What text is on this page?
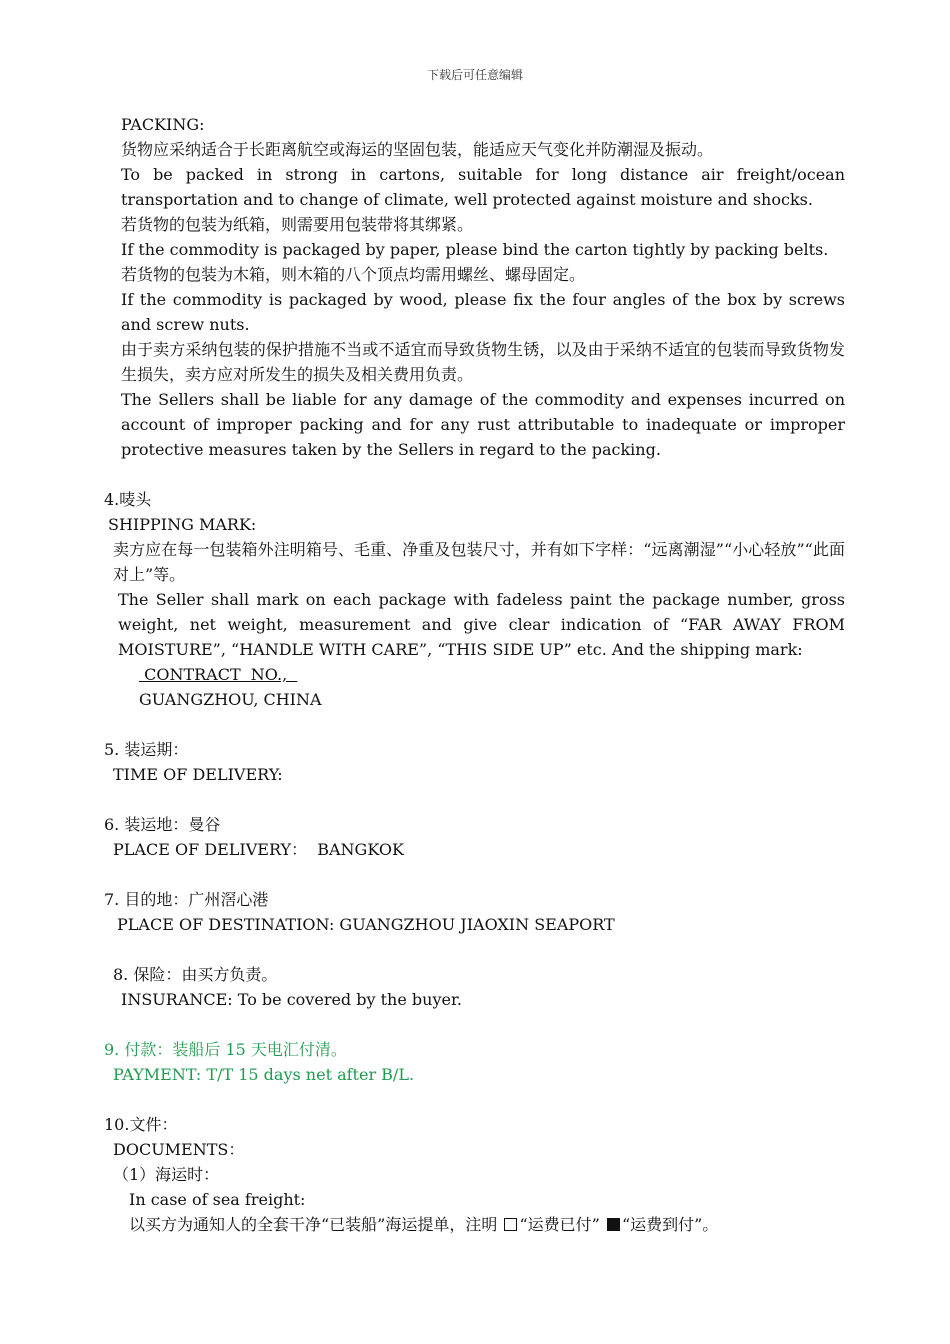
下载后可任意编辑

PACKING:

货物应采纳适合于长距离航空或海运的坚固包装，能适应天气变化并防潮湿及振动。

To be packed in strong in cartons, suitable for long distance air freight/ocean transportation and to change of climate, well protected against moisture and shocks.

若货物的包装为纸箱，则需要用包装带将其绑紧。

If the commodity is packaged by paper, please bind the carton tightly by packing belts.

若货物的包装为木箱，则木箱的八个顶点均需用螺丝、螺母固定。

If the commodity is packaged by wood, please fix the four angles of the box by screws and screw nuts.

由于卖方采纳包装的保护措施不当或不适宜而导致货物生锈，以及由于采纳不适宜的包装而导致货物发生损失，卖方应对所发生的损失及相关费用负责。

The Sellers shall be liable for any damage of the commodity and expenses incurred on account of improper packing and for any rust attributable to inadequate or improper protective measures taken by the Sellers in regard to the packing.

4.唛头

SHIPPING MARK:

卖方应在每一包装箱外注明箱号、毛重、净重及包装尺寸，并有如下字样：“远离潮湿”“小心轻放”“此面对上”等。

The Seller shall mark on each package with fadeless paint the package number, gross weight, net weight, measurement and give clear indication of “FAR AWAY FROM MOISTURE”, “HANDLE WITH CARE”, “THIS SIDE UP” etc. And the shipping mark:

CONTRACT  NO.,

GUANGZHOU, CHINA

5. 装运期：

TIME OF DELIVERY:

6. 装运地：曼谷

PLACE OF DELIVERY：  BANGKOK

7. 目的地：广州滘心港

PLACE OF DESTINATION: GUANGZHOU JIAOXIN SEAPORT

8. 保险：由买方负责。

INSURANCE: To be covered by the buyer.

9. 付款：装船后 15 天电汇付清。

PAYMENT: T/T 15 days net after B/L.

10.文件：

DOCUMENTS：

（1）海运时：

In case of sea freight:

以买方为通知人的全套干净“已装船”海运提单，注明 “运费已付” “运费到付”。
